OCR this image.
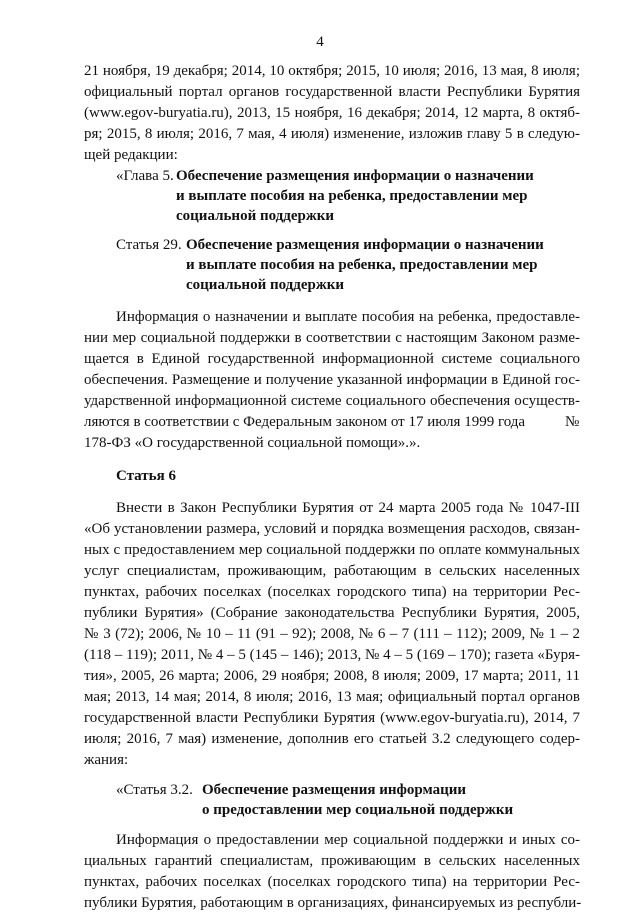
4
21 ноября, 19 декабря; 2014, 10 октября; 2015, 10 июля; 2016, 13 мая, 8 июля;
официальный портал органов государственной власти Республики Бурятия
(www.egov-buryatia.ru), 2013, 15 ноября, 16 декабря; 2014, 12 марта, 8 октяб-
ря; 2015, 8 июля; 2016, 7 мая, 4 июля) изменение, изложив главу 5 в следую-
щей редакции:
«Глава 5. Обеспечение размещения информации о назначении
и выплате пособия на ребенка, предоставлении мер
социальной поддержки
Статья 29. Обеспечение размещения информации о назначении
и выплате пособия на ребенка, предоставлении мер
социальной поддержки
Информация о назначении и выплате пособия на ребенка, предоставле-
нии мер социальной поддержки в соответствии с настоящим Законом разме-
щается в Единой государственной информационной системе социального
обеспечения. Размещение и получение указанной информации в Единой гос-
ударственной информационной системе социального обеспечения осуществ-
ляются в соответствии с Федеральным законом от 17 июля 1999 года	№
178-ФЗ «О государственной социальной помощи».».
Статья 6
Внести в Закон Республики Бурятия от 24 марта 2005 года № 1047-III
«Об установлении размера, условий и порядка возмещения расходов, связан-
ных с предоставлением мер социальной поддержки по оплате коммунальных
услуг специалистам, проживающим, работающим в сельских населенных
пунктах, рабочих поселках (поселках городского типа) на территории Рес-
публики Бурятия» (Собрание законодательства Республики Бурятия, 2005,
№ 3 (72); 2006, № 10 – 11 (91 – 92); 2008, № 6 – 7 (111 – 112); 2009, № 1 – 2
(118 – 119); 2011, № 4 – 5 (145 – 146); 2013, № 4 – 5 (169 – 170); газета «Буря-
тия», 2005, 26 марта; 2006, 29 ноября; 2008, 8 июля; 2009, 17 марта; 2011, 11
мая; 2013, 14 мая; 2014, 8 июля; 2016, 13 мая; официальный портал органов
государственной власти Республики Бурятия (www.egov-buryatia.ru), 2014, 7
июля; 2016, 7 мая) изменение, дополнив его статьей 3.2 следующего содер-
жания:
«Статья 3.2. Обеспечение размещения информации
о предоставлении мер социальной поддержки
Информация о предоставлении мер социальной поддержки и иных со-
циальных гарантий специалистам, проживающим в сельских населенных
пунктах, рабочих поселках (поселках городского типа) на территории Рес-
публики Бурятия, работающим в организациях, финансируемых из республи-
